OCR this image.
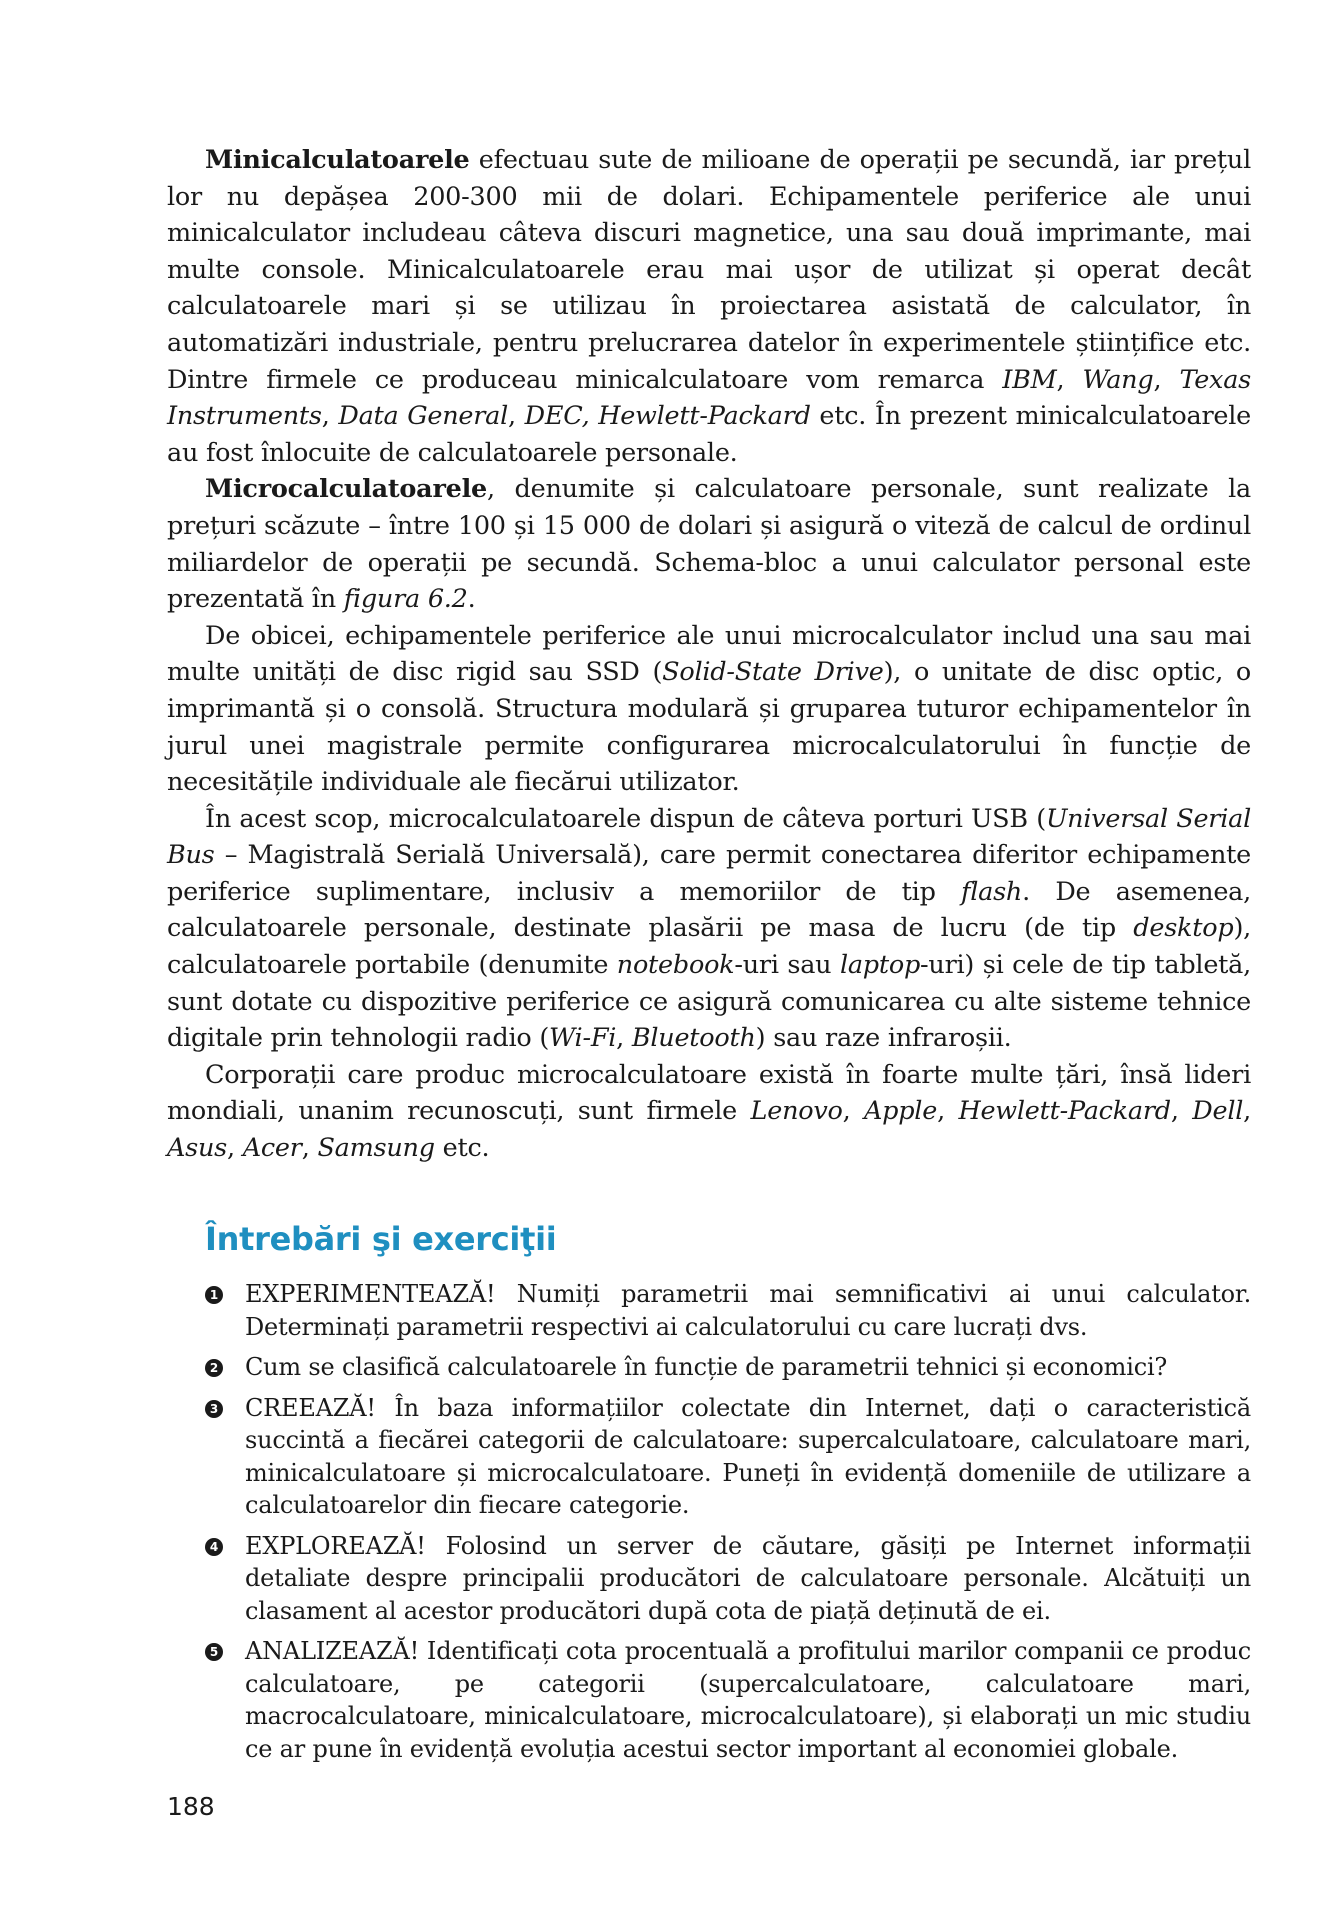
Minicalculatoarele efectuau sute de milioane de operații pe secundă, iar prețul lor nu depășea 200-300 mii de dolari. Echipamentele periferice ale unui minicalculator includeau câteva discuri magnetice, una sau două imprimante, mai multe console. Minicalculatoarele erau mai ușor de utilizat și operat decât calculatoarele mari și se utilizau în proiectarea asistată de calculator, în automatizări industriale, pentru prelucrarea datelor în experimentele științifice etc. Dintre firmele ce produceau minicalculatoare vom remarca IBM, Wang, Texas Instruments, Data General, DEC, Hewlett-Packard etc. În prezent minicalculatoarele au fost înlocuite de calculatoarele personale.

Microcalculatoarele, denumite și calculatoare personale, sunt realizate la prețuri scăzute – între 100 și 15 000 de dolari și asigură o viteză de calcul de ordinul miliardelor de operații pe secundă. Schema-bloc a unui calculator personal este prezentată în figura 6.2.

De obicei, echipamentele periferice ale unui microcalculator includ una sau mai multe unități de disc rigid sau SSD (Solid-State Drive), o unitate de disc optic, o imprimantă și o consolă. Structura modulară și gruparea tuturor echipamentelor în jurul unei magistrale permite configurarea microcalculatorului în funcție de necesitățile individuale ale fiecărui utilizator.

În acest scop, microcalculatoarele dispun de câteva porturi USB (Universal Serial Bus – Magistrală Serială Universală), care permit conectarea diferitor echipamente periferice suplimentare, inclusiv a memoriilor de tip flash. De asemenea, calculatoarele personale, destinate plasării pe masa de lucru (de tip desktop), calculatoarele portabile (denumite notebook-uri sau laptop-uri) și cele de tip tabletă, sunt dotate cu dispozitive periferice ce asigură comunicarea cu alte sisteme tehnice digitale prin tehnologii radio (Wi-Fi, Bluetooth) sau raze infraroșii.

Corporații care produc microcalculatoare există în foarte multe țări, însă lideri mondiali, unanim recunoscuți, sunt firmele Lenovo, Apple, Hewlett-Packard, Dell, Asus, Acer, Samsung etc.

Întrebări şi exerciţii
1 EXPERIMENTEAZĂ! Numiți parametrii mai semnificativi ai unui calculator. Determinați parametrii respectivi ai calculatorului cu care lucrați dvs.
2 Cum se clasifică calculatoarele în funcție de parametrii tehnici și economici?
3 CREEAZĂ! În baza informațiilor colectate din Internet, dați o caracteristică succintă a fiecărei categorii de calculatoare: supercalculatoare, calculatoare mari, minicalculatoare și microcalculatoare. Puneți în evidență domeniile de utilizare a calculatoarelor din fiecare categorie.
4 EXPLOREAZĂ! Folosind un server de căutare, găsiți pe Internet informații detaliate despre principalii producători de calculatoare personale. Alcătuiți un clasament al acestor producători după cota de piață deținută de ei.
5 ANALIZEAZĂ! Identificați cota procentuală a profitului marilor companii ce produc calculatoare, pe categorii (supercalculatoare, calculatoare mari, macrocalculatoare, minicalculatoare, microcalculatoare), și elaborați un mic studiu ce ar pune în evidență evoluția acestui sector important al economiei globale.
188
